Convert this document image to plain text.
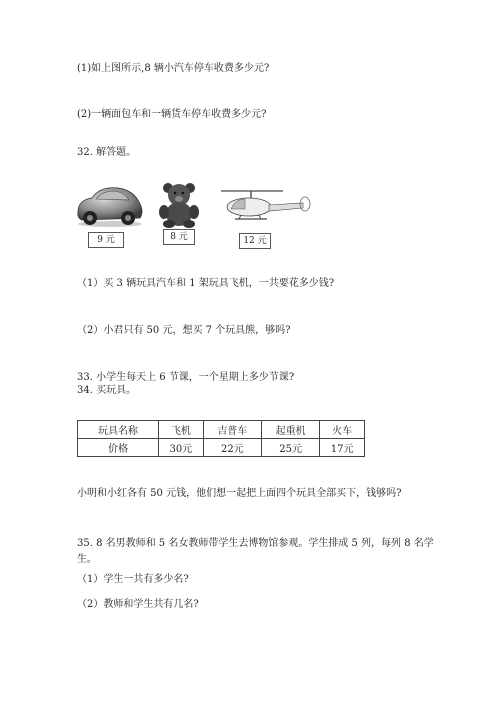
(1)如上图所示,8 辆小汽车停车收费多少元?
(2)一辆面包车和一辆货车停车收费多少元?
32. 解答题。
9 元	8 元	12 元
（1）买 3 辆玩具汽车和 1 架玩具飞机，一共要花多少钱?
（2）小君只有 50 元，想买 7 个玩具熊，够吗?
33. 小学生每天上 6 节课，一个星期上多少节课?
34. 买玩具。
玩具名称	飞机	吉普车	起重机	火车
价格	30元	22元	25元	17元
小明和小红各有 50 元钱，他们想一起把上面四个玩具全部买下，钱够吗?
35. 8 名男教师和 5 名女教师带学生去博物馆参观。学生排成 5 列，每列 8 名学生。
（1）学生一共有多少名?
（2）教师和学生共有几名?
